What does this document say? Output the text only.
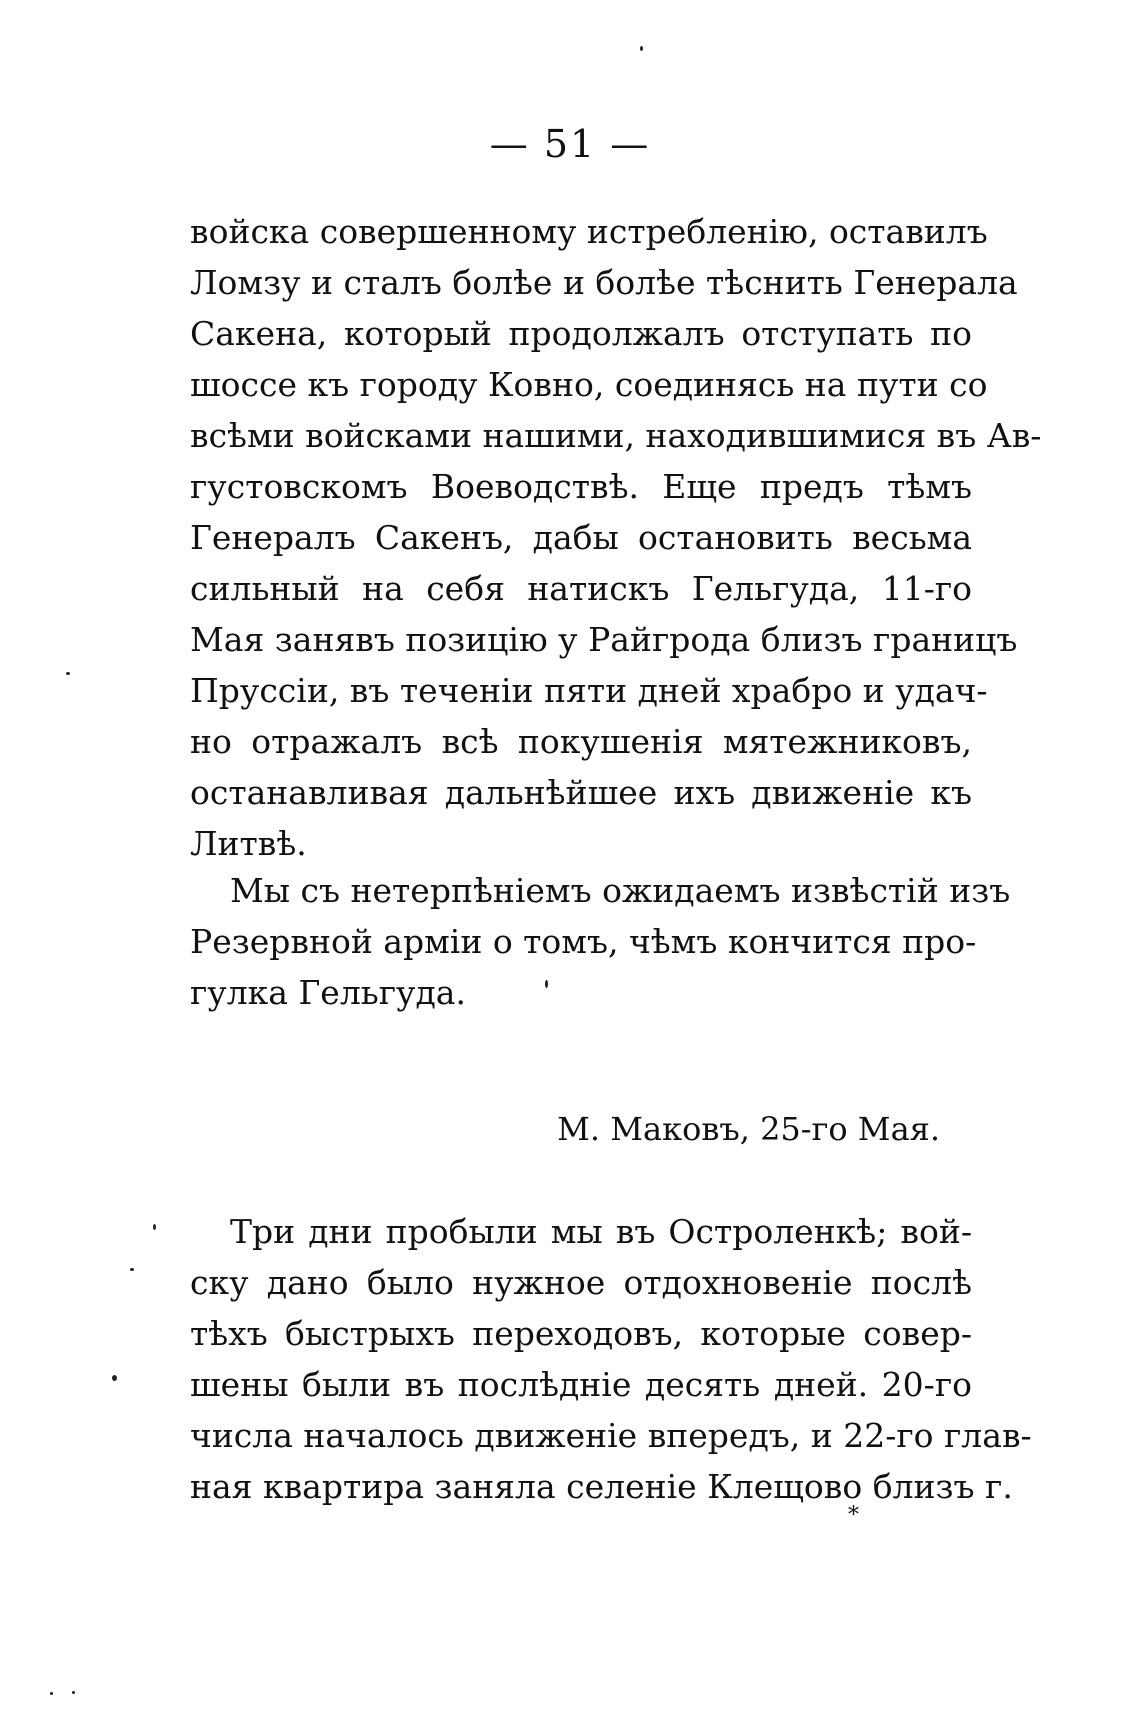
— 51 —
войска совершенному истребленію, оставилъ
Ломзу и сталъ болѣе и болѣе тѣснить Генерала
Сакена, который продолжалъ отступать по
шоссе къ городу Ковно, соединясь на пути со
всѣми войсками нашими, находившимися въ Ав-
густовскомъ Воеводствѣ. Еще предъ тѣмъ
Генералъ Сакенъ, дабы остановить весьма
сильный на себя натискъ Гельгуда, 11-го
Мая занявъ позицію у Райгрода близъ границъ
Пруссіи, въ теченіи пяти дней храбро и удач-
но отражалъ всѣ покушенія мятежниковъ,
останавливая дальнѣйшее ихъ движеніе къ
Литвѣ.
Мы съ нетерпѣніемъ ожидаемъ извѣстій изъ
Резервной арміи о томъ, чѣмъ кончится про-
гулка Гельгуда.
М. Маковъ, 25-го Мая.
Три дни пробыли мы въ Остроленкѣ; вой-
ску дано было нужное отдохновеніе послѣ
тѣхъ быстрыхъ переходовъ, которые совер-
шены были въ послѣдніе десять дней. 20-го
числа началось движеніе впередъ, и 22-го глав-
ная квартира заняла селеніе Клещово близъ г.
*
